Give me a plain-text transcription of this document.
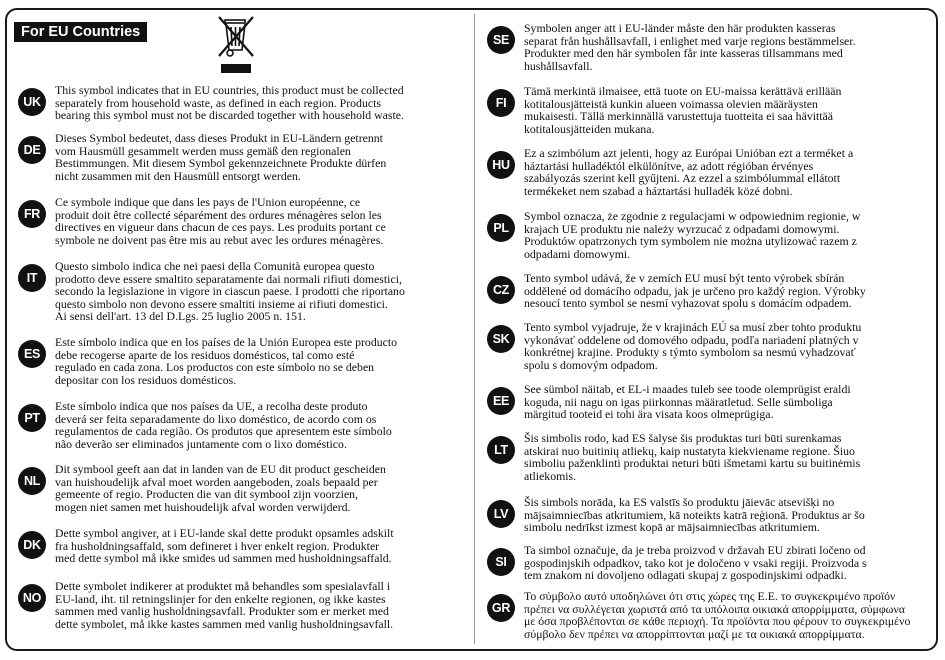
For EU Countries
UK

This symbol indicates that in EU countries, this product must be collected
separately from household waste, as defined in each region. Products
bearing this symbol must not be discarded together with household waste.

DE

Dieses Symbol bedeutet, dass dieses Produkt in EU-Ländern getrennt
vom Hausmüll gesammelt werden muss gemäß den regionalen
Bestimmungen. Mit diesem Symbol gekennzeichnete Produkte dürfen
nicht zusammen mit den Hausmüll entsorgt werden.

FR

Ce symbole indique que dans les pays de l'Union européenne, ce
produit doit être collecté séparément des ordures ménagères selon les
directives en vigueur dans chacun de ces pays. Les produits portant ce
symbole ne doivent pas être mis au rebut avec les ordures ménagères.

IT

Questo simbolo indica che nei paesi della Comunità europea questo
prodotto deve essere smaltito separatamente dai normali rifiuti domestici,
secondo la legislazione in vigore in ciascun paese. I prodotti che riportano
questo simbolo non devono essere smaltiti insieme ai rifiuti domestici.
Ai sensi dell'art. 13 del D.Lgs. 25 luglio 2005 n. 151.

ES

Este símbolo indica que en los países de la Unión Europea este producto
debe recogerse aparte de los residuos domésticos, tal como esté
regulado en cada zona. Los productos con este símbolo no se deben
depositar con los residuos domésticos.

PT

Este símbolo indica que nos países da UE, a recolha deste produto
deverá ser feita separadamente do lixo doméstico, de acordo com os
regulamentos de cada região. Os produtos que apresentem este símbolo
não deverão ser eliminados juntamente com o lixo doméstico.

NL

Dit symbool geeft aan dat in landen van de EU dit product gescheiden
van huishoudelijk afval moet worden aangeboden, zoals bepaald per
gemeente of regio. Producten die van dit symbool zijn voorzien,
mogen niet samen met huishoudelijk afval worden verwijderd.

DK

Dette symbol angiver, at i EU-lande skal dette produkt opsamles adskilt
fra husholdningsaffald, som defineret i hver enkelt region. Produkter
med dette symbol må ikke smides ud sammen med husholdningsaffald.

NO

Dette symbolet indikerer at produktet må behandles som spesialavfall i
EU-land, iht. til retningslinjer for den enkelte regionen, og ikke kastes
sammen med vanlig husholdningsavfall. Produkter som er merket med
dette symbolet, må ikke kastes sammen med vanlig husholdningsavfall.

SE

Symbolen anger att i EU-länder måste den här produkten kasseras
separat från hushållsavfall, i enlighet med varje regions bestämmelser.
Produkter med den här symbolen får inte kasseras tillsammans med
hushållsavfall.

FI

Tämä merkintä ilmaisee, että tuote on EU-maissa kerättävä erillään
kotitalousjätteistä kunkin alueen voimassa olevien määräysten
mukaisesti. Tällä merkinnällä varustettuja tuotteita ei saa hävittää
kotitalousjätteiden mukana.

HU

Ez a szimbólum azt jelenti, hogy az Európai Unióban ezt a terméket a
háztartási hulladéktól elkülönítve, az adott régióban érvényes
szabályozás szerint kell gyűjteni. Az ezzel a szimbólummal ellátott
termékeket nem szabad a háztartási hulladék közé dobni.

PL

Symbol oznacza, że zgodnie z regulacjami w odpowiednim regionie, w
krajach UE produktu nie należy wyrzucać z odpadami domowymi.
Produktów opatrzonych tym symbolem nie można utylizować razem z
odpadami domowymi.

CZ

Tento symbol udává, že v zemích EU musí být tento výrobek sbírán
oddělené od domácího odpadu, jak je určeno pro každý region. Výrobky
nesoucí tento symbol se nesmí vyhazovat spolu s domácím odpadem.

SK

Tento symbol vyjadruje, že v krajinách EÚ sa musí zber tohto produktu
vykonávať oddelene od domového odpadu, podľa nariadení platných v
konkrétnej krajine. Produkty s týmto symbolom sa nesmú vyhadzovať
spolu s domovým odpadom.

EE

See sümbol näitab, et EL-i maades tuleb see toode olemprügist eraldi
koguda, nii nagu on igas piirkonnas määratletud. Selle sümboliga
märgitud tooteid ei tohi ära visata koos olmeprügiga.

LT

Šis simbolis rodo, kad ES šalyse šis produktas turi būti surenkamas
atskirai nuo buitinių atliekų, kaip nustatyta kiekviename regione. Šiuo
simboliu paženklinti produktai neturi būti išmetami kartu su buitinėmis
atliekomis.

LV

Šis simbols norāda, ka ES valstīs šo produktu jāievāc atsevišķi no
mājsaimniecības atkritumiem, kā noteikts katrā reģionā. Produktus ar šo
simbolu nedrīkst izmest kopā ar mājsaimniecības atkritumiem.

SI

Ta simbol označuje, da je treba proizvod v državah EU zbirati ločeno od
gospodinjskih odpadkov, tako kot je določeno v vsaki regiji. Proizvoda s
tem znakom ni dovoljeno odlagati skupaj z gospodinjskimi odpadki.

GR

Το σύμβολο αυτό υποδηλώνει ότι στις χώρες της Ε.Ε. το συγκεκριμένο προϊόν
πρέπει να συλλέγεται χωριστά από τα υπόλοιπα οικιακά απορρίμματα, σύμφωνα
με όσα προβλέπονται σε κάθε περιοχή. Τα προϊόντα που φέρουν το συγκεκριμένο
σύμβολο δεν πρέπει να απορρίπτονται μαζί με τα οικιακά απορρίμματα.
